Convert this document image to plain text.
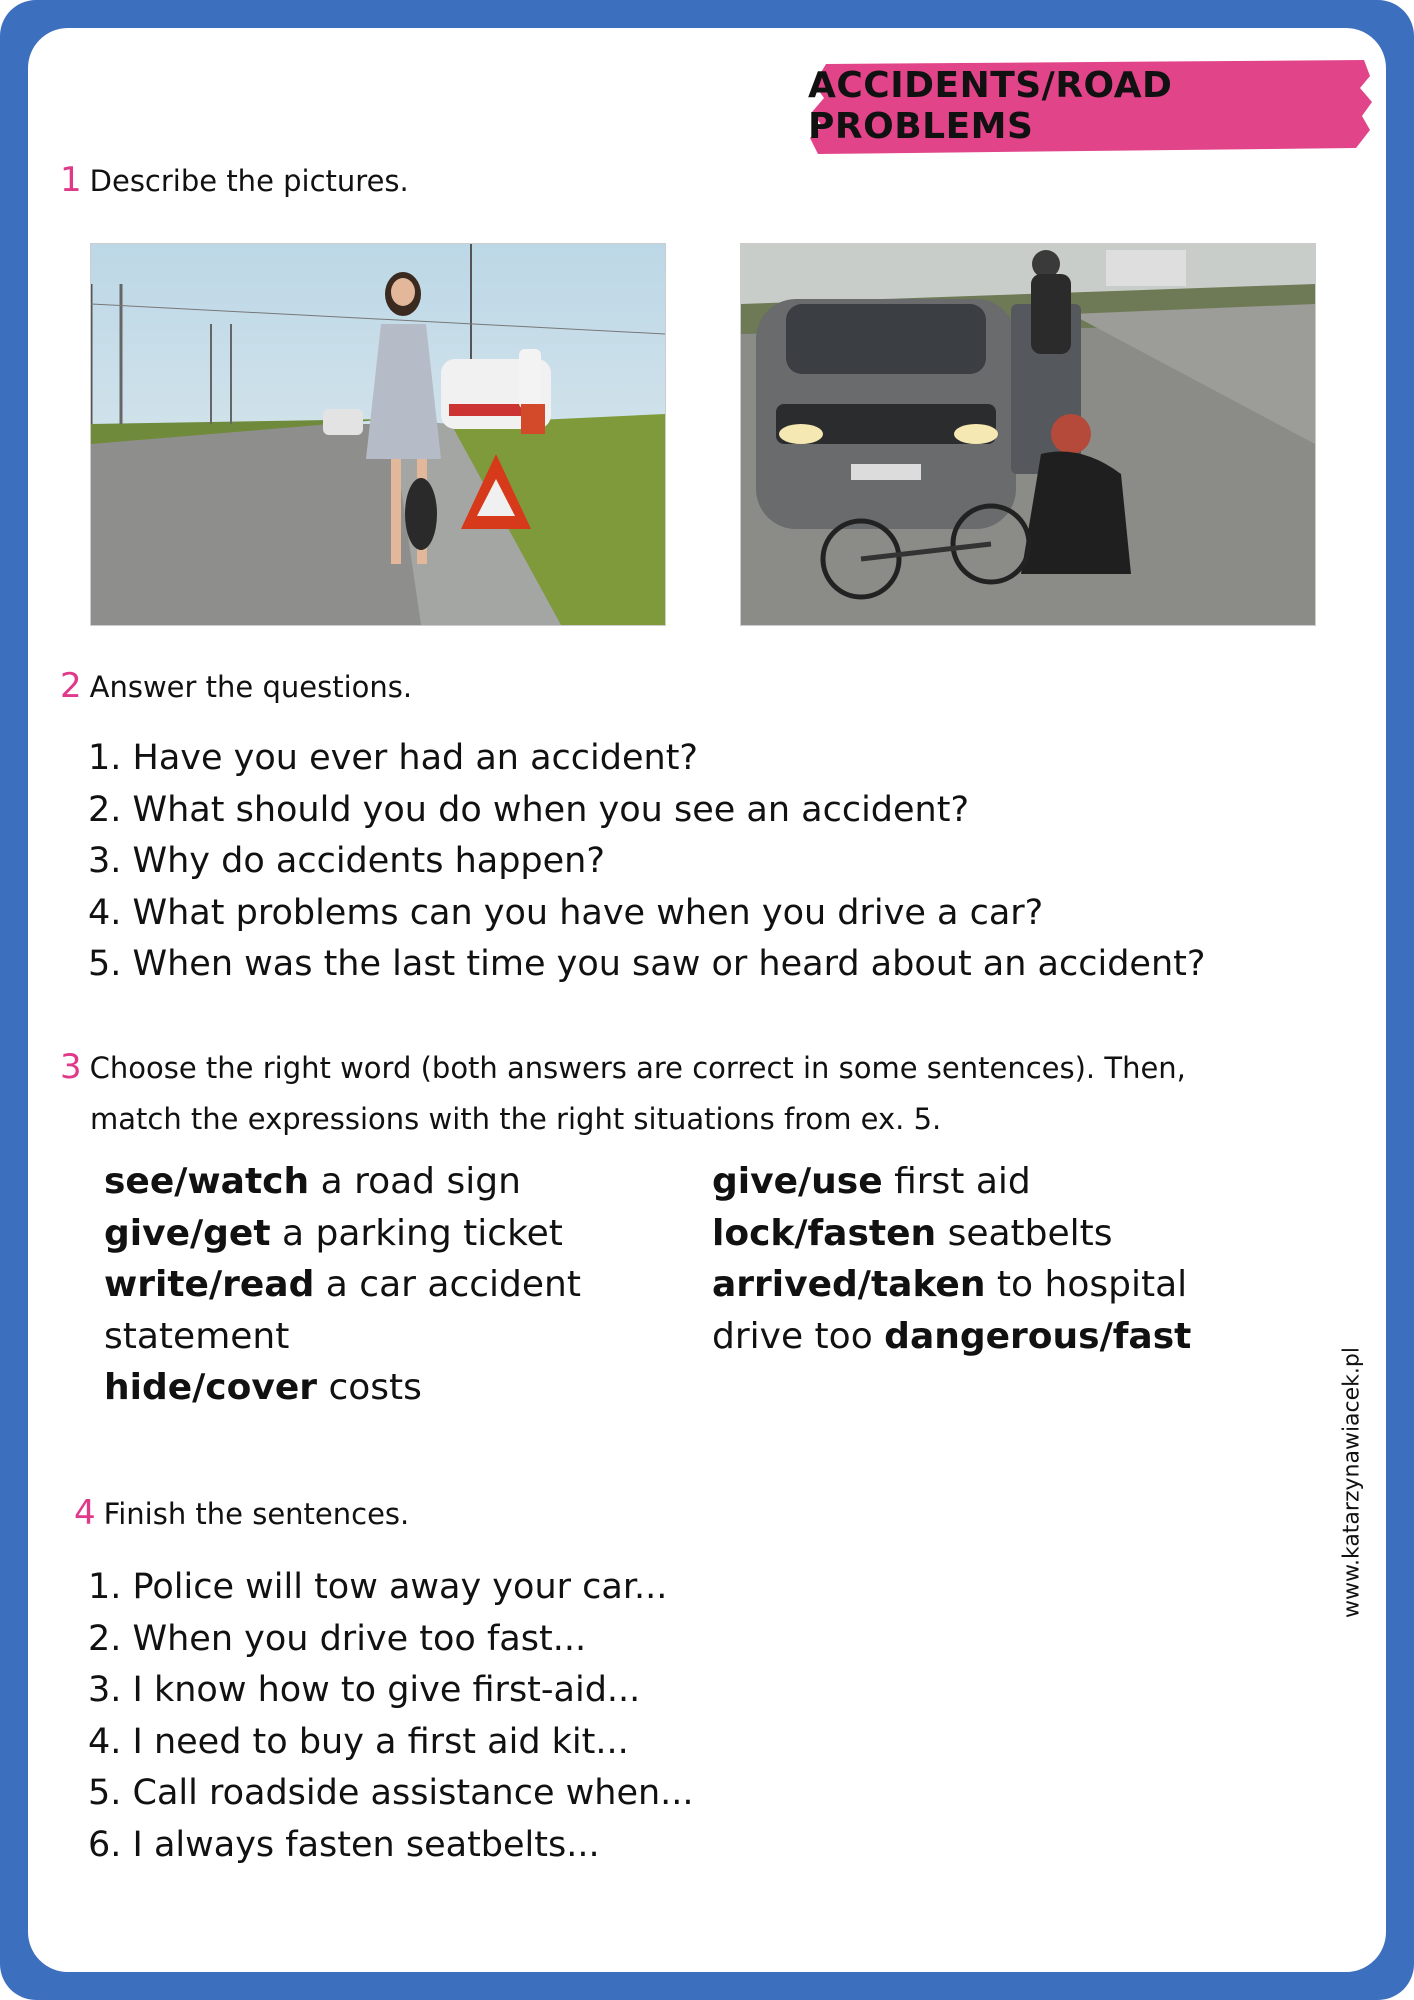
ACCIDENTS/ROAD PROBLEMS
1 Describe the pictures.
2 Answer the questions.
1. Have you ever had an accident?
2. What should you do when you see an accident?
3. Why do accidents happen?
4. What problems can you have when you drive a car?
5. When was the last time you saw or heard about an accident?
3 Choose the right word (both answers are correct in some sentences). Then,
match the expressions with the right situations from ex. 5.
see/watch a road sign
give/get a parking ticket
write/read a car accident
statement
hide/cover costs
give/use first aid
lock/fasten seatbelts
arrived/taken to hospital
drive too dangerous/fast
4 Finish the sentences.
1. Police will tow away your car...
2. When you drive too fast...
3. I know how to give first-aid...
4. I need to buy a first aid kit...
5. Call roadside assistance when...
6. I always fasten seatbelts...
www.katarzynawiacek.pl
